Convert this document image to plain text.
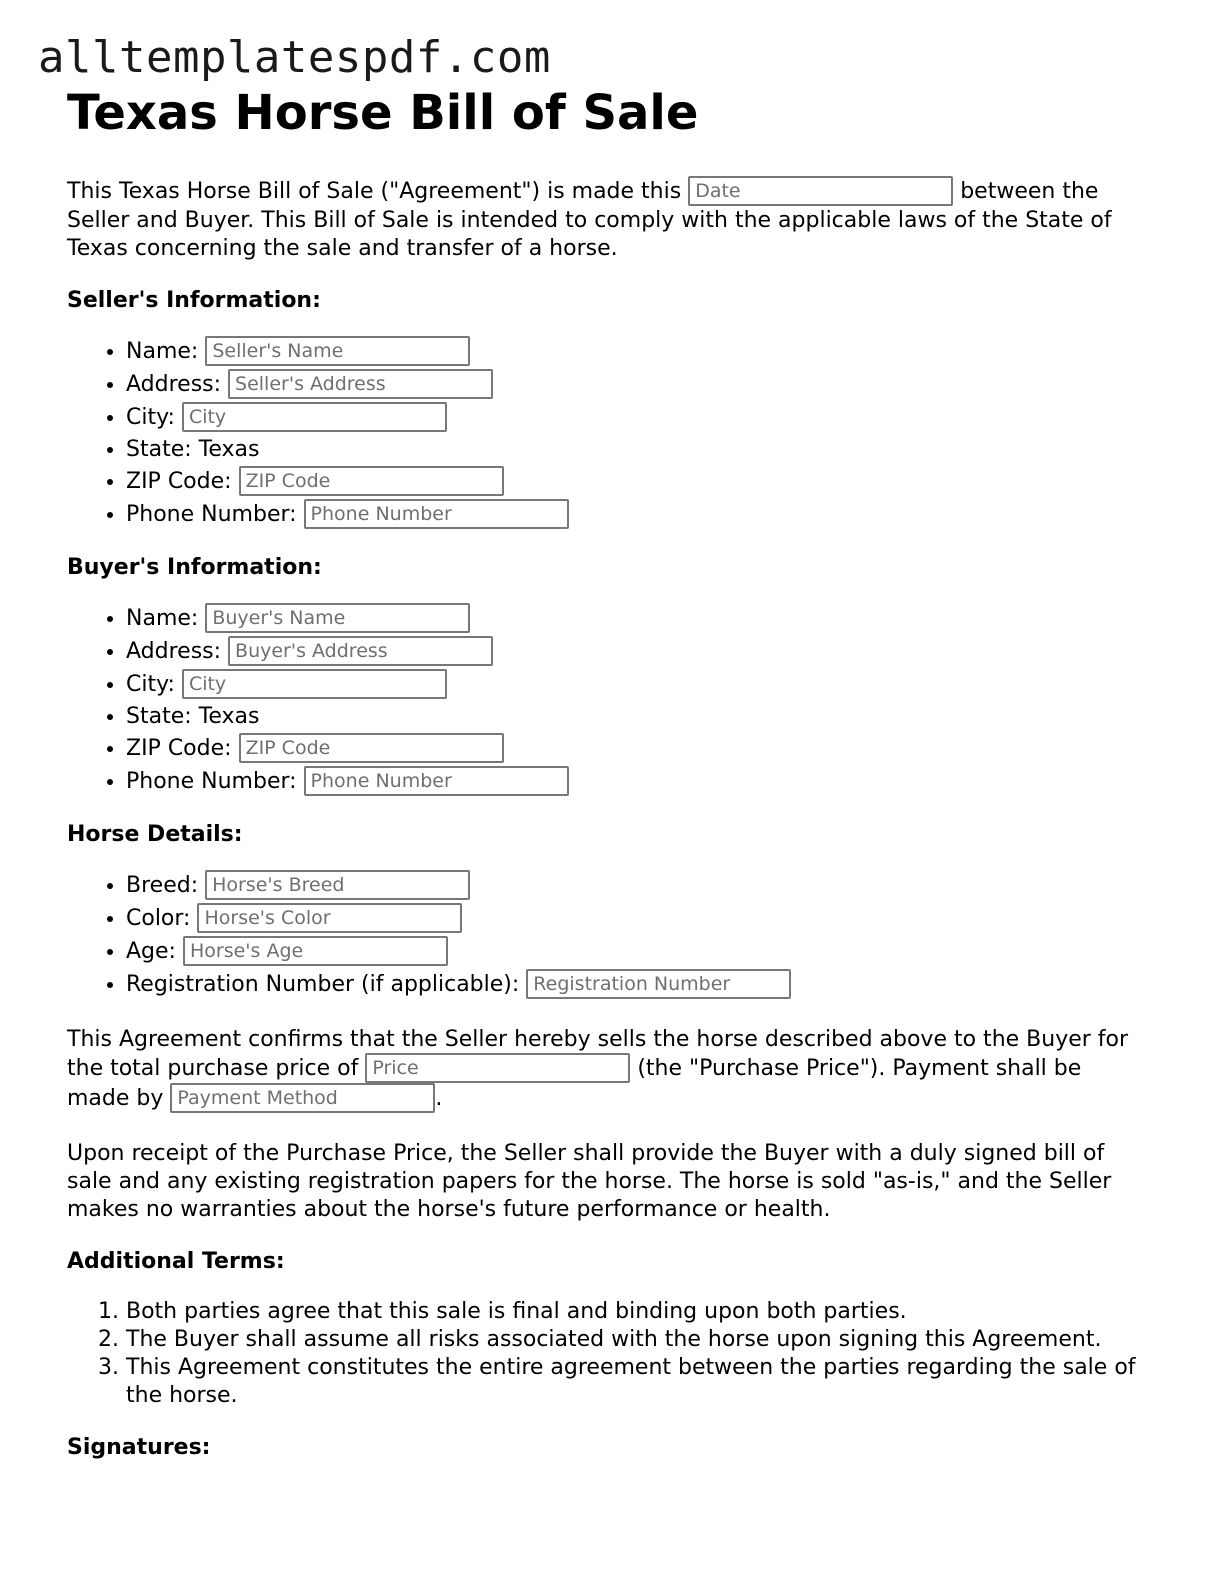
alltemplatespdf.com
Texas Horse Bill of Sale

This Texas Horse Bill of Sale ("Agreement") is made this Date	between the Seller and Buyer. This Bill of Sale is intended to comply with the applicable laws of the State of Texas concerning the sale and transfer of a horse.

Seller's Information:
• Name: Seller's Name
• Address: Seller's Address
• City: City
• State: Texas
• ZIP Code: ZIP Code
• Phone Number: Phone Number
Buyer's Information:
• Name: Buyer's Name
• Address: Buyer's Address
• City: City
• State: Texas
• ZIP Code: ZIP Code
• Phone Number: Phone Number
Horse Details:
• Breed: Horse's Breed
• Color: Horse's Color
• Age: Horse's Age
• Registration Number (if applicable): Registration Number

This Agreement confirms that the Seller hereby sells the horse described above to the Buyer for the total purchase price of Price	(the "Purchase Price"). Payment shall be made by Payment Method	.

Upon receipt of the Purchase Price, the Seller shall provide the Buyer with a duly signed bill of sale and any existing registration papers for the horse. The horse is sold "as-is," and the Seller makes no warranties about the horse's future performance or health.

Additional Terms:
1. Both parties agree that this sale is final and binding upon both parties.
2. The Buyer shall assume all risks associated with the horse upon signing this Agreement.
3. This Agreement constitutes the entire agreement between the parties regarding the sale of the horse.
Signatures:
